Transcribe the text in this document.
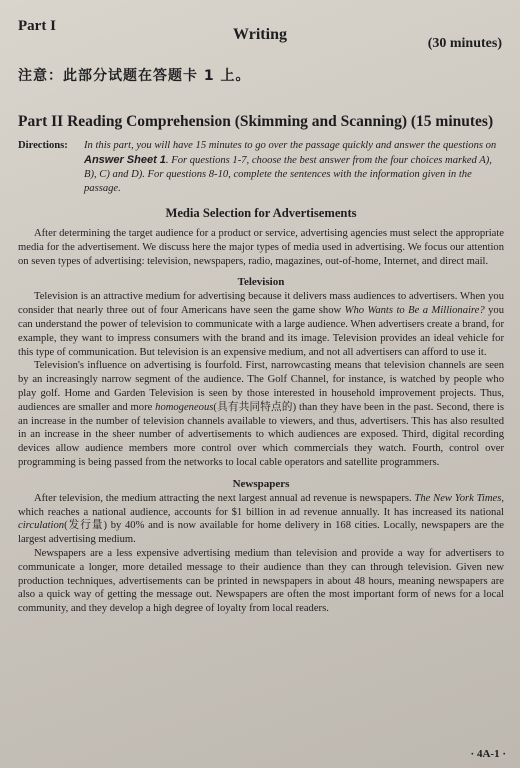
Part I	Writing
(30 minutes)
注意：此部分试题在答题卡 1 上。
Part II Reading Comprehension (Skimming and Scanning) (15 minutes)
Directions:	In this part, you will have 15 minutes to go over the passage quickly and answer the questions on Answer Sheet 1. For questions 1-7, choose the best answer from the four choices marked A), B), C) and D). For questions 8-10, complete the sentences with the information given in the passage.
Media Selection for Advertisements

After determining the target audience for a product or service, advertising agencies must select the appropriate media for the advertisement. We discuss here the major types of media used in advertising. We focus our attention on seven types of advertising: television, newspapers, radio, magazines, out-of-home, Internet, and direct mail.

Television

Television is an attractive medium for advertising because it delivers mass audiences to advertisers. When you consider that nearly three out of four Americans have seen the game show Who Wants to Be a Millionaire? you can understand the power of television to communicate with a large audience. When advertisers create a brand, for example, they want to impress consumers with the brand and its image. Television provides an ideal vehicle for this type of communication. But television is an expensive medium, and not all advertisers can afford to use it.

Television's influence on advertising is fourfold. First, narrowcasting means that television channels are seen by an increasingly narrow segment of the audience. The Golf Channel, for instance, is watched by people who play golf. Home and Garden Television is seen by those interested in household improvement projects. Thus, audiences are smaller and more homogeneous(具有共同特点的) than they have been in the past. Second, there is an increase in the number of television channels available to viewers, and thus, advertisers. This has also resulted in an increase in the sheer number of advertisements to which audiences are exposed. Third, digital recording devices allow audience members more control over which commercials they watch. Fourth, control over programming is being passed from the networks to local cable operators and satellite programmers.

Newspapers

After television, the medium attracting the next largest annual ad revenue is newspapers. The New York Times, which reaches a national audience, accounts for $1 billion in ad revenue annually. It has increased its national circulation(发行量) by 40% and is now available for home delivery in 168 cities. Locally, newspapers are the largest advertising medium.

Newspapers are a less expensive advertising medium than television and provide a way for advertisers to communicate a longer, more detailed message to their audience than they can through television. Given new production techniques, advertisements can be printed in newspapers in about 48 hours, meaning newspapers are also a quick way of getting the message out. Newspapers are often the most important form of news for a local community, and they develop a high degree of loyalty from local readers.

· 4A-1 ·
